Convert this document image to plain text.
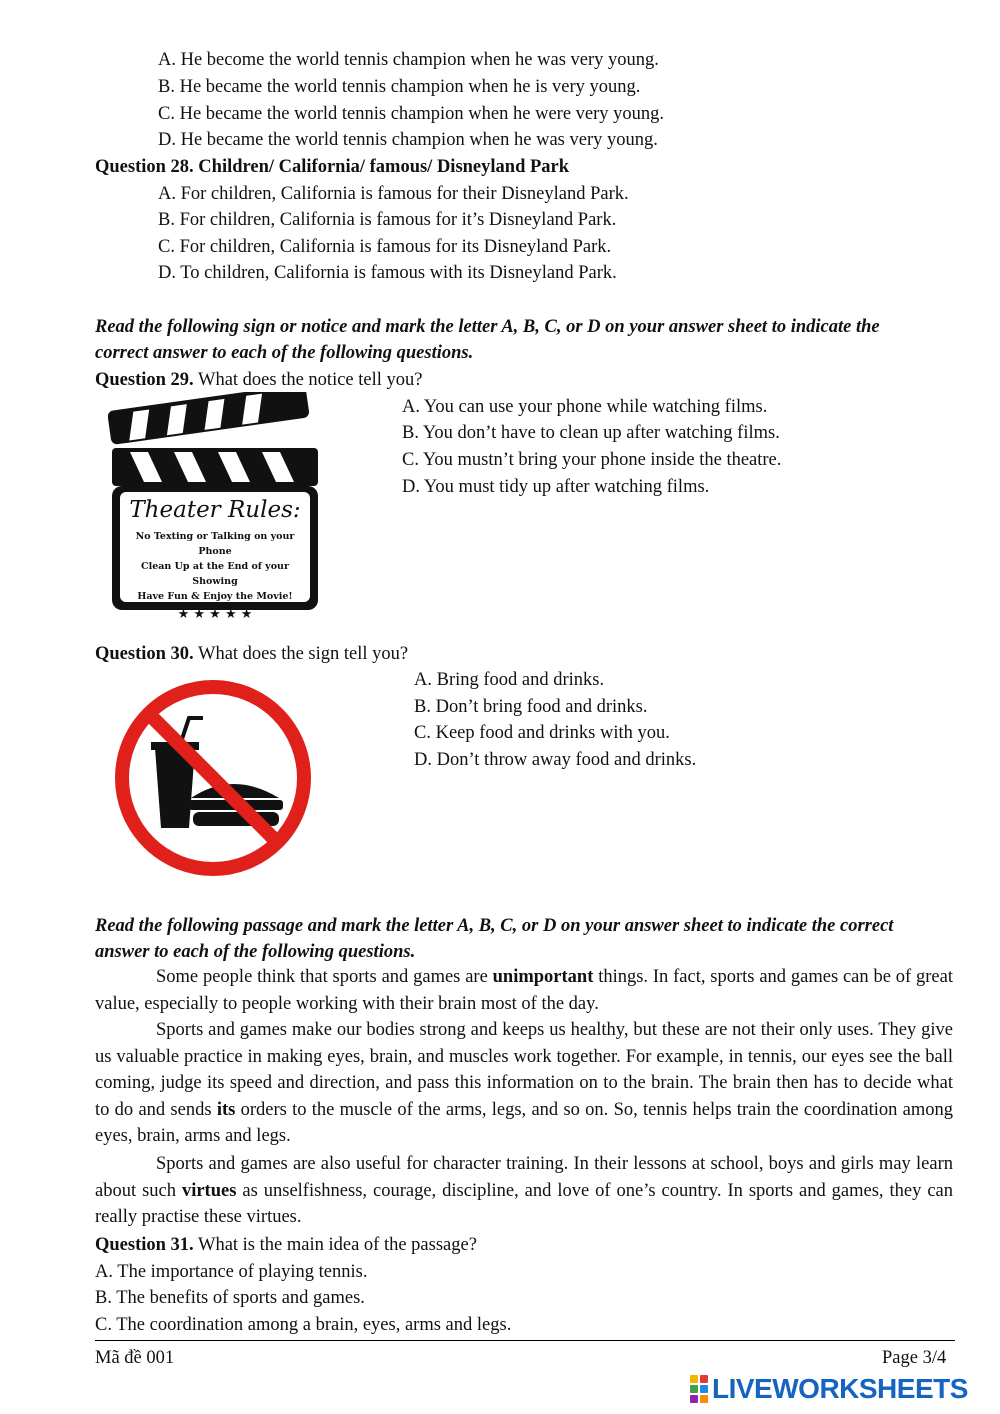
A. He become the world tennis champion when he was very young.
B. He became the world tennis champion when he is very young.
C. He became the world tennis champion when he were very young.
D. He became the world tennis champion when he was very young.
Question 28. Children/ California/ famous/ Disneyland Park
A. For children, California is famous for their Disneyland Park.
B. For children, California is famous for it’s Disneyland Park.
C. For children, California is famous for its Disneyland Park.
D. To children, California is famous with its Disneyland Park.
Read the following sign or notice and mark the letter A, B, C, or D on your answer sheet to indicate the
correct answer to each of the following questions.
Question 29. What does the notice tell you?
A. You can use your phone while watching films.
B. You don’t have to clean up after watching films.
C. You mustn’t bring your phone inside the theatre.
D. You must tidy up after watching films.
Theater Rules:
No Texting or Talking on your Phone
Clean Up at the End of your Showing
Have Fun & Enjoy the Movie!
★ ★ ★ ★ ★
Question 30. What does the sign tell you?
A. Bring food and drinks.
B. Don’t bring food and drinks.
C. Keep food and drinks with you.
D. Don’t throw away food and drinks.
Read the following passage and mark the letter A, B, C, or D on your answer sheet to indicate the correct
answer to each of the following questions.
Some people think that sports and games are unimportant things. In fact, sports and games can be of great value, especially to people working with their brain most of the day.
Sports and games make our bodies strong and keeps us healthy, but these are not their only uses. They give us valuable practice in making eyes, brain, and muscles work together. For example, in tennis, our eyes see the ball coming, judge its speed and direction, and pass this information on to the brain. The brain then has to decide what to do and sends its orders to the muscle of the arms, legs, and so on. So, tennis helps train the coordination among eyes, brain, arms and legs.
Sports and games are also useful for character training. In their lessons at school, boys and girls may learn about such virtues as unselfishness, courage, discipline, and love of one’s country. In sports and games, they can really practise these virtues.
Question 31. What is the main idea of the passage?
A. The importance of playing tennis.
B. The benefits of sports and games.
C. The coordination among a brain, eyes, arms and legs.
Mã đề 001	Page 3/4
LIVEWORKSHEETS
